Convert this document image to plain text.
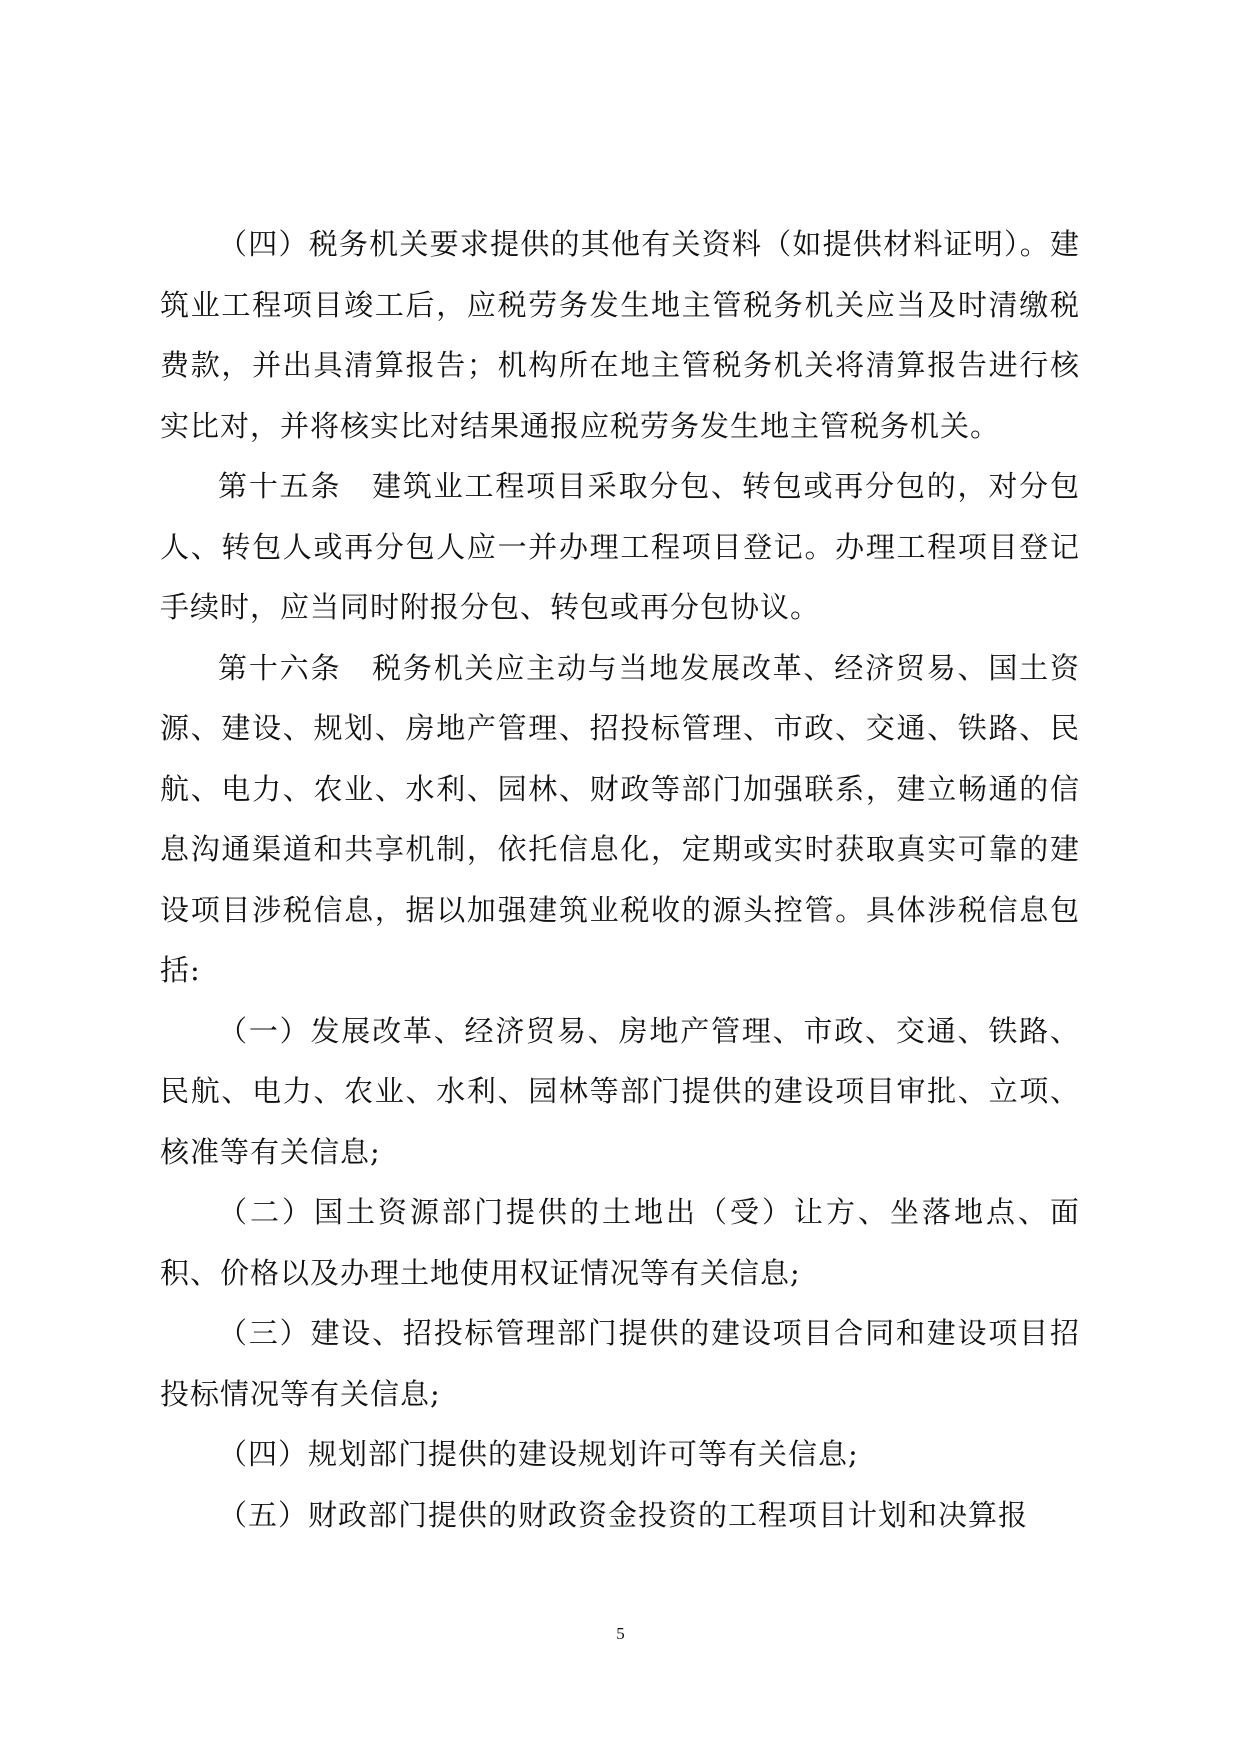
（四）税务机关要求提供的其他有关资料（如提供材料证明）。建筑业工程项目竣工后，应税劳务发生地主管税务机关应当及时清缴税费款，并出具清算报告；机构所在地主管税务机关将清算报告进行核实比对，并将核实比对结果通报应税劳务发生地主管税务机关。

第十五条　建筑业工程项目采取分包、转包或再分包的，对分包人、转包人或再分包人应一并办理工程项目登记。办理工程项目登记手续时，应当同时附报分包、转包或再分包协议。

第十六条　税务机关应主动与当地发展改革、经济贸易、国土资源、建设、规划、房地产管理、招投标管理、市政、交通、铁路、民航、电力、农业、水利、园林、财政等部门加强联系，建立畅通的信息沟通渠道和共享机制，依托信息化，定期或实时获取真实可靠的建设项目涉税信息，据以加强建筑业税收的源头控管。具体涉税信息包括:

（一）发展改革、经济贸易、房地产管理、市政、交通、铁路、民航、电力、农业、水利、园林等部门提供的建设项目审批、立项、核准等有关信息;

（二）国土资源部门提供的土地出（受）让方、坐落地点、面积、价格以及办理土地使用权证情况等有关信息;

（三）建设、招投标管理部门提供的建设项目合同和建设项目招投标情况等有关信息;

（四）规划部门提供的建设规划许可等有关信息;

（五）财政部门提供的财政资金投资的工程项目计划和决算报

5
